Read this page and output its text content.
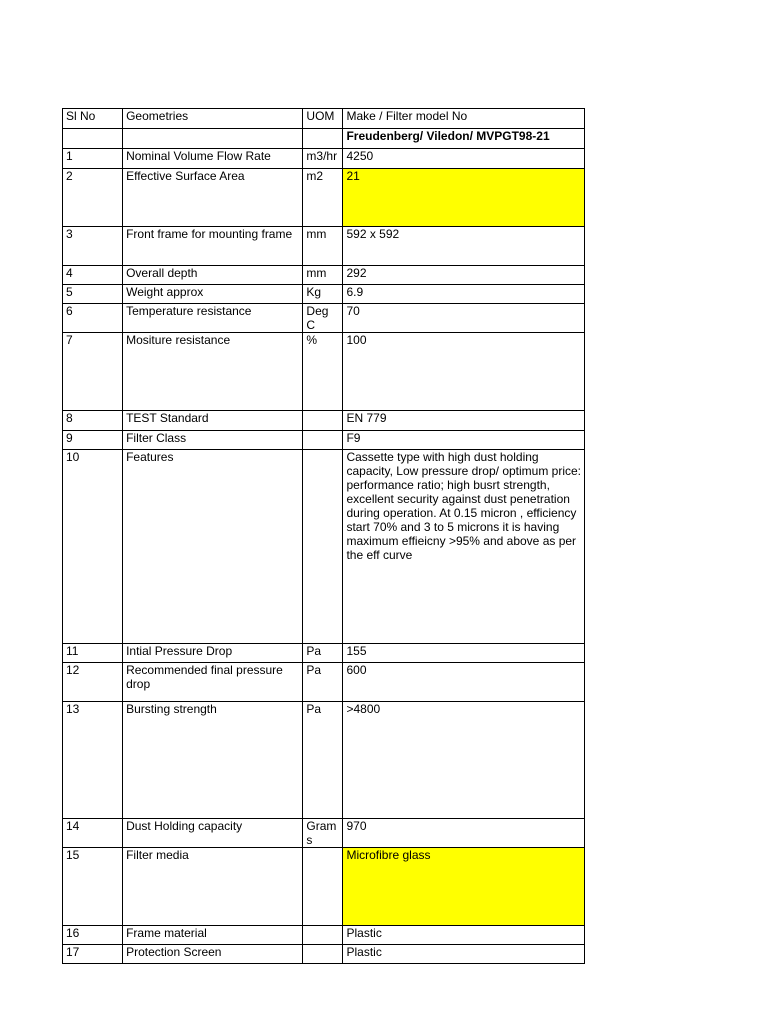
Sl No	Geometries	UOM	Make / Filter model No
			Freudenberg/ Viledon/ MVPGT98-21
1	Nominal Volume Flow Rate	m3/hr	4250
2	Effective Surface Area	m2	21
3	Front frame for mounting frame	mm	592 x 592
4	Overall depth	mm	292
5	Weight approx	Kg	6.9
6	Temperature resistance	Deg C	70
7	Mositure resistance	%	100
8	TEST Standard		EN 779
9	Filter Class		F9
10	Features		Cassette type with high dust holding capacity, Low pressure drop/ optimum price: performance ratio; high busrt strength, excellent security against dust penetration during operation. At 0.15 micron , efficiency start 70% and 3 to 5 microns it is having maximum effieicny >95% and above as per the eff curve
11	Intial Pressure Drop	Pa	155
12	Recommended final pressure drop	Pa	600
13	Bursting strength	Pa	>4800
14	Dust Holding capacity	Grams	970
15	Filter media		Microfibre glass
16	Frame material		Plastic
17	Protection Screen		Plastic
